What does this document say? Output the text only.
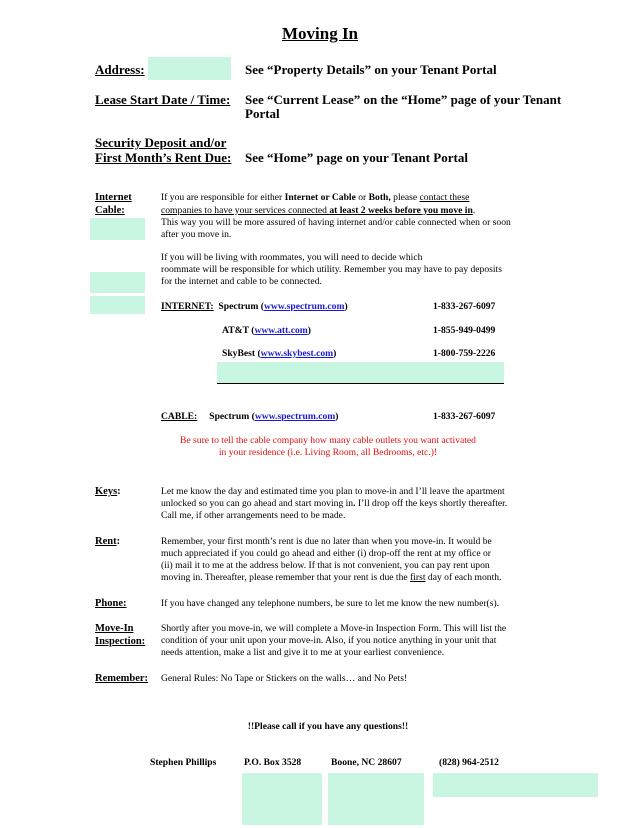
Moving In
Address:	See “Property Details” on your Tenant Portal
Lease Start Date / Time: See “Current Lease” on the “Home” page of your Tenant
Portal
Security Deposit and/or
First Month’s Rent Due: See “Home” page on your Tenant Portal
Internet
Cable:
If you are responsible for either Internet or Cable or Both, please contact these
companies to have your services connected at least 2 weeks before you move in.
This way you will be more assured of having internet and/or cable connected when or soon
after you move in.
If you will be living with roommates, you will need to decide which
roommate will be responsible for which utility. Remember you may have to pay deposits
for the internet and cable to be connected.
INTERNET: Spectrum (www.spectrum.com)	1-833-267-6097
AT&T (www.att.com)	1-855-949-0499
SkyBest (www.skybest.com)	1-800-759-2226
CABLE: Spectrum (www.spectrum.com)	1-833-267-6097
Be sure to tell the cable company how many cable outlets you want activated
in your residence (i.e. Living Room, all Bedrooms, etc.)!
Keys:	Let me know the day and estimated time you plan to move-in and I’ll leave the apartment
unlocked so you can go ahead and start moving in. I’ll drop off the keys shortly thereafter.
Call me, if other arrangements need to be made.
Rent:	Remember, your first month’s rent is due no later than when you move-in. It would be
much appreciated if you could go ahead and either (i) drop-off the rent at my office or
(ii) mail it to me at the address below. If that is not convenient, you can pay rent upon
moving in. Thereafter, please remember that your rent is due the first day of each month.
Phone:	If you have changed any telephone numbers, be sure to let me know the new number(s).
Move-In
Inspection:
Shortly after you move-in, we will complete a Move-in Inspection Form. This will list the
condition of your unit upon your move-in. Also, if you notice anything in your unit that
needs attention, make a list and give it to me at your earliest convenience.
Remember: General Rules: No Tape or Stickers on the walls… and No Pets!
!!Please call if you have any questions!!
Stephen Phillips	P.O. Box 3528	Boone, NC 28607	(828) 964-2512
